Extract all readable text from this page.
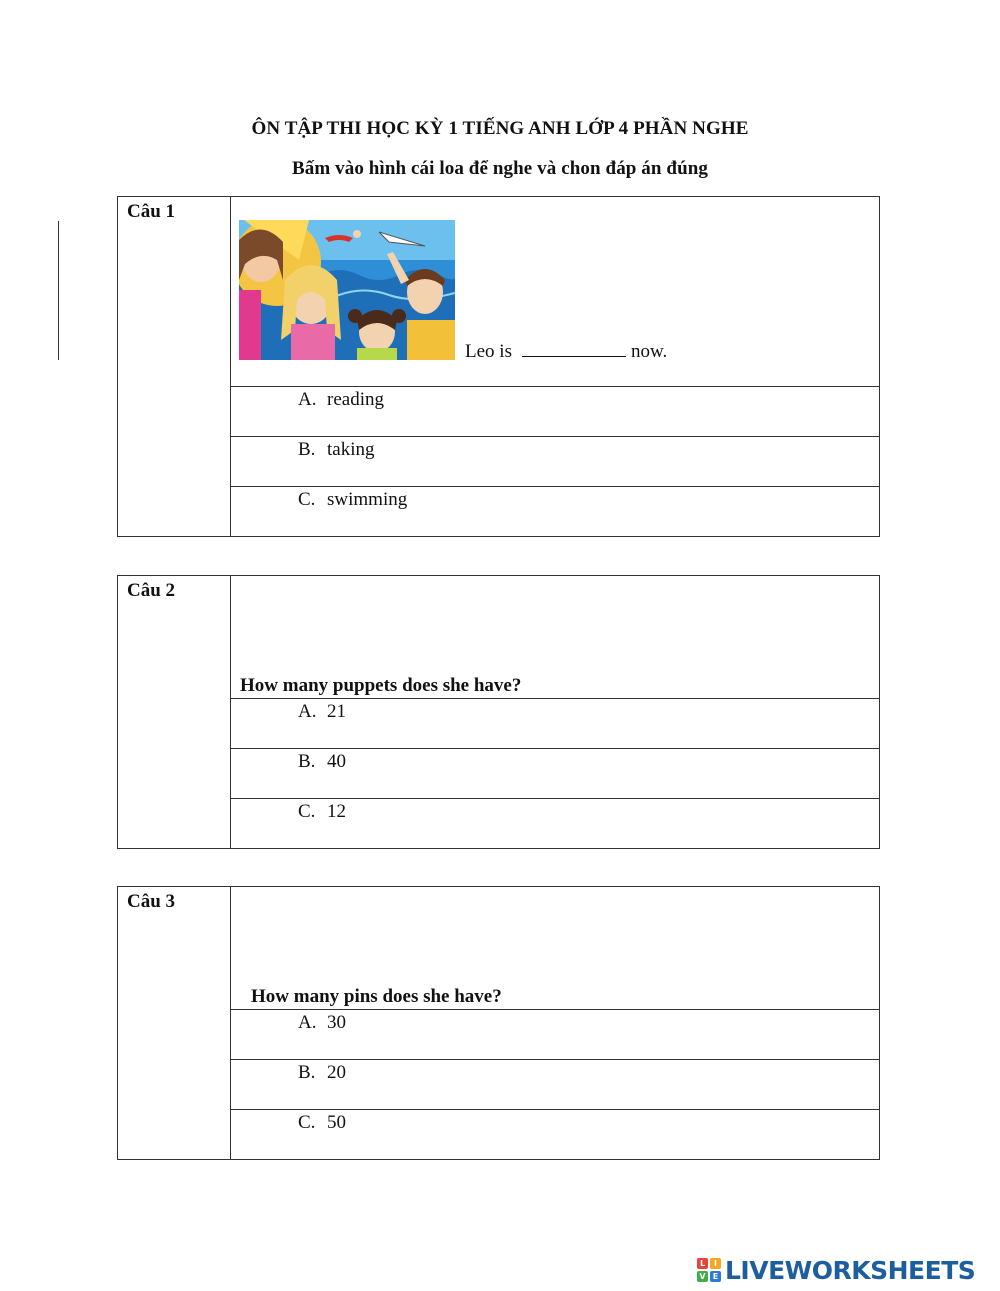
ÔN TẬP THI HỌC KỲ 1 TIẾNG ANH LỚP 4 PHẦN NGHE
Bấm vào hình cái loa để nghe và chon đáp án đúng
Câu 1	
Leo is	now.

A. reading

B. taking

C. swimming
Câu 2	
How many puppets does she have?

A. 21

B. 40

C. 12
Câu 3	
How many pins does she have?

A. 30

B. 20

C. 50
L	I
V E LIVEWORKSHEETS
